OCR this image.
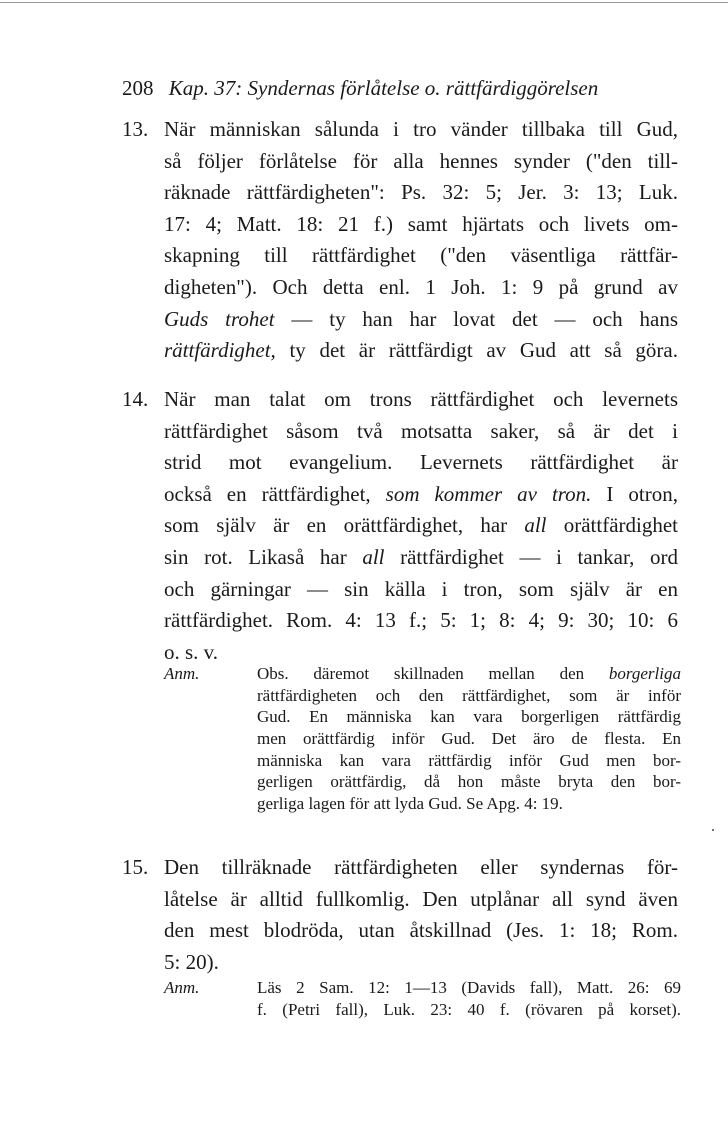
208 Kap. 37: Syndernas förlåtelse o. rättfärdiggörelsen
13. När människan sålunda i tro vänder tillbaka till Gud,
så följer förlåtelse för alla hennes synder ("den till-
räknade rättfärdigheten": Ps. 32: 5; Jer. 3: 13; Luk.
17: 4; Matt. 18: 21 f.) samt hjärtats och livets om-
skapning till rättfärdighet ("den väsentliga rättfär-
digheten"). Och detta enl. 1 Joh. 1: 9 på grund av
Guds trohet — ty han har lovat det — och hans
rättfärdighet, ty det är rättfärdigt av Gud att så göra.
14. När man talat om trons rättfärdighet och levernets
rättfärdighet såsom två motsatta saker, så är det i
strid mot evangelium. Levernets rättfärdighet är
också en rättfärdighet, som kommer av tron. I otron,
som själv är en orättfärdighet, har all orättfärdighet
sin rot. Likaså har all rättfärdighet — i tankar, ord
och gärningar — sin källa i tron, som själv är en
rättfärdighet. Rom. 4: 13 f.; 5: 1; 8: 4; 9: 30; 10: 6
o. s. v.
Anm.	Obs. däremot skillnaden mellan den borgerliga
rättfärdigheten och den rättfärdighet, som är inför
Gud. En människa kan vara borgerligen rättfärdig
men orättfärdig inför Gud. Det äro de flesta. En
människa kan vara rättfärdig inför Gud men bor-
gerligen orättfärdig, då hon måste bryta den bor-
gerliga lagen för att lyda Gud. Se Apg. 4: 19.
15. Den tillräknade rättfärdigheten eller syndernas för-
låtelse är alltid fullkomlig. Den utplånar all synd även
den mest blodröda, utan åtskillnad (Jes. 1: 18; Rom.
5: 20).
Anm.	Läs 2 Sam. 12: 1—13 (Davids fall), Matt. 26: 69
f. (Petri fall), Luk. 23: 40 f. (rövaren på korset).
